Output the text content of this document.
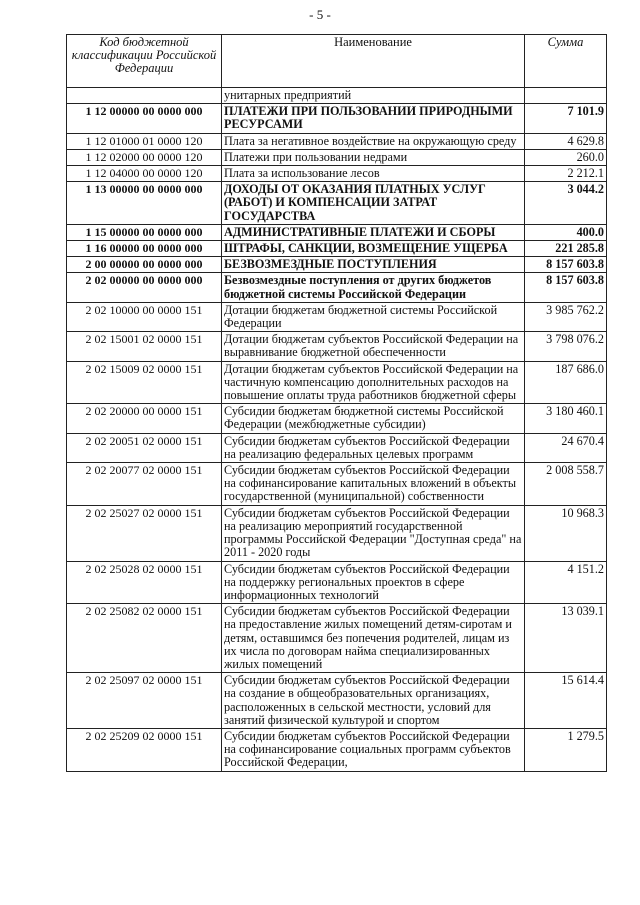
- 5 -
Код бюджетной классификации Российской Федерации	Наименование	Сумма
	унитарных предприятий	
1 12 00000 00 0000 000	ПЛАТЕЖИ ПРИ ПОЛЬЗОВАНИИ ПРИРОДНЫМИ РЕСУРСАМИ	7 101.9
1 12 01000 01 0000 120	Плата за негативное воздействие на окружающую среду	4 629.8
1 12 02000 00 0000 120	Платежи при пользовании недрами	260.0
1 12 04000 00 0000 120	Плата за использование лесов	2 212.1
1 13 00000 00 0000 000	ДОХОДЫ ОТ ОКАЗАНИЯ ПЛАТНЫХ УСЛУГ (РАБОТ) И КОМПЕНСАЦИИ ЗАТРАТ ГОСУДАРСТВА	3 044.2
1 15 00000 00 0000 000	АДМИНИСТРАТИВНЫЕ ПЛАТЕЖИ И СБОРЫ	400.0
1 16 00000 00 0000 000	ШТРАФЫ, САНКЦИИ, ВОЗМЕЩЕНИЕ УЩЕРБА	221 285.8
2 00 00000 00 0000 000	БЕЗВОЗМЕЗДНЫЕ ПОСТУПЛЕНИЯ	8 157 603.8
2 02 00000 00 0000 000	Безвозмездные поступления от других бюджетов бюджетной системы Российской Федерации	8 157 603.8
2 02 10000 00 0000 151	Дотации бюджетам бюджетной системы Российской Федерации	3 985 762.2
2 02 15001 02 0000 151	Дотации бюджетам субъектов Российской Федерации на выравнивание бюджетной обеспеченности	3 798 076.2
2 02 15009 02 0000 151	Дотации бюджетам субъектов Российской Федерации на частичную компенсацию дополнительных расходов на повышение оплаты труда работников бюджетной сферы	187 686.0
2 02 20000 00 0000 151	Субсидии бюджетам бюджетной системы Российской Федерации (межбюджетные субсидии)	3 180 460.1
2 02 20051 02 0000 151	Субсидии бюджетам субъектов Российской Федерации на реализацию федеральных целевых программ	24 670.4
2 02 20077 02 0000 151	Субсидии бюджетам субъектов Российской Федерации на софинансирование капитальных вложений в объекты государственной (муниципальной) собственности	2 008 558.7
2 02 25027 02 0000 151	Субсидии бюджетам субъектов Российской Федерации на реализацию мероприятий государственной программы Российской Федерации "Доступная среда" на 2011 - 2020 годы	10 968.3
2 02 25028 02 0000 151	Субсидии бюджетам субъектов Российской Федерации на поддержку региональных проектов в сфере информационных технологий	4 151.2
2 02 25082 02 0000 151	Субсидии бюджетам субъектов Российской Федерации на предоставление жилых помещений детям-сиротам и детям, оставшимся без попечения родителей, лицам из их числа по договорам найма специализированных жилых помещений	13 039.1
2 02 25097 02 0000 151	Субсидии бюджетам субъектов Российской Федерации на создание в общеобразовательных организациях, расположенных в сельской местности, условий для занятий физической культурой и спортом	15 614.4
2 02 25209 02 0000 151	Субсидии бюджетам субъектов Российской Федерации на софинансирование социальных программ субъектов Российской Федерации,	1 279.5
